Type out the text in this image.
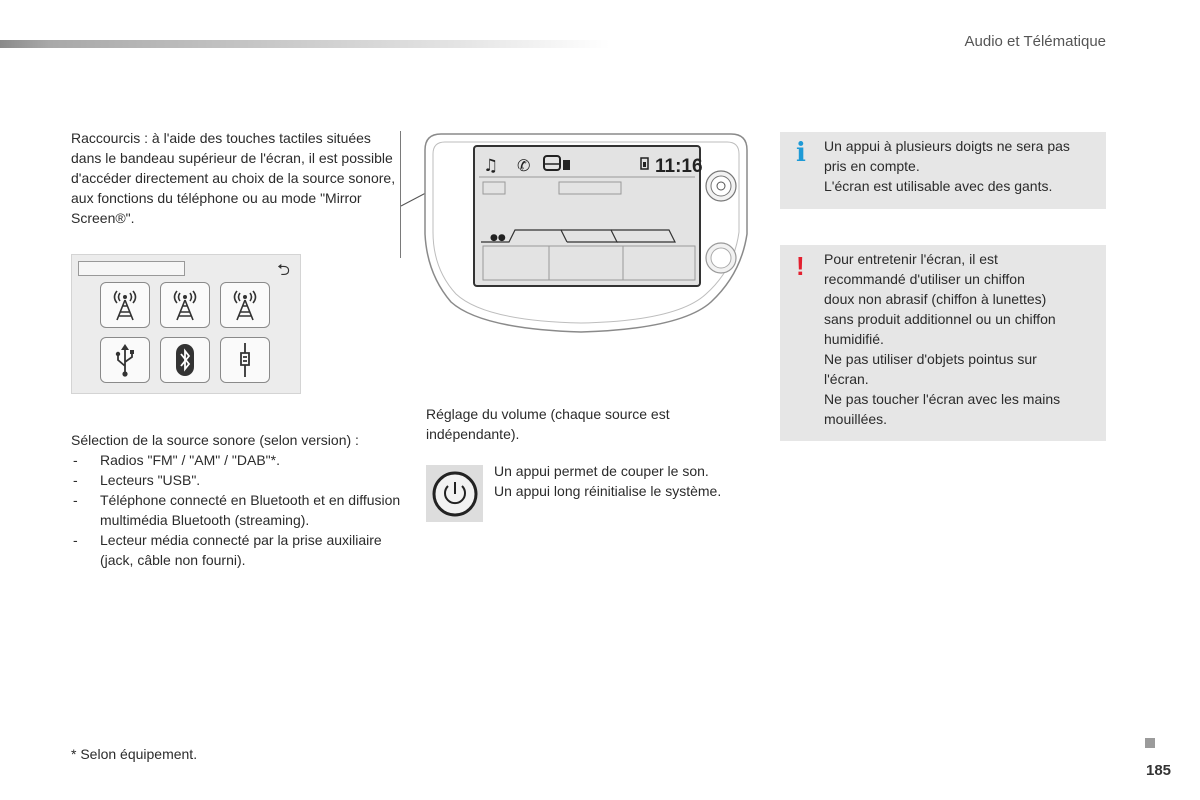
Audio et Télématique
Raccourcis : à l'aide des touches tactiles situées dans le bandeau supérieur de l'écran, il est possible d'accéder directement au choix de la source sonore, aux fonctions du téléphone ou au mode "Mirror Screen®".
⮌
Sélection de la source sonore (selon version) :
- Radios "FM" / "AM" / "DAB"*.
- Lecteurs "USB".
- Téléphone connecté en Bluetooth et en diffusion multimédia Bluetooth (streaming).
- Lecteur média connecté par la prise auxiliaire (jack, câble non fourni).
♫ ✆	11:16
●●
Réglage du volume (chaque source est indépendante).
Un appui permet de couper le son.
Un appui long réinitialise le système.
i Un appui à plusieurs doigts ne sera pas
pris en compte.
L'écran est utilisable avec des gants.
! Pour entretenir l'écran, il est
recommandé d'utiliser un chiffon
doux non abrasif (chiffon à lunettes)
sans produit additionnel ou un chiffon
humidifié.
Ne pas utiliser d'objets pointus sur
l'écran.
Ne pas toucher l'écran avec les mains
mouillées.
* Selon équipement.
185
